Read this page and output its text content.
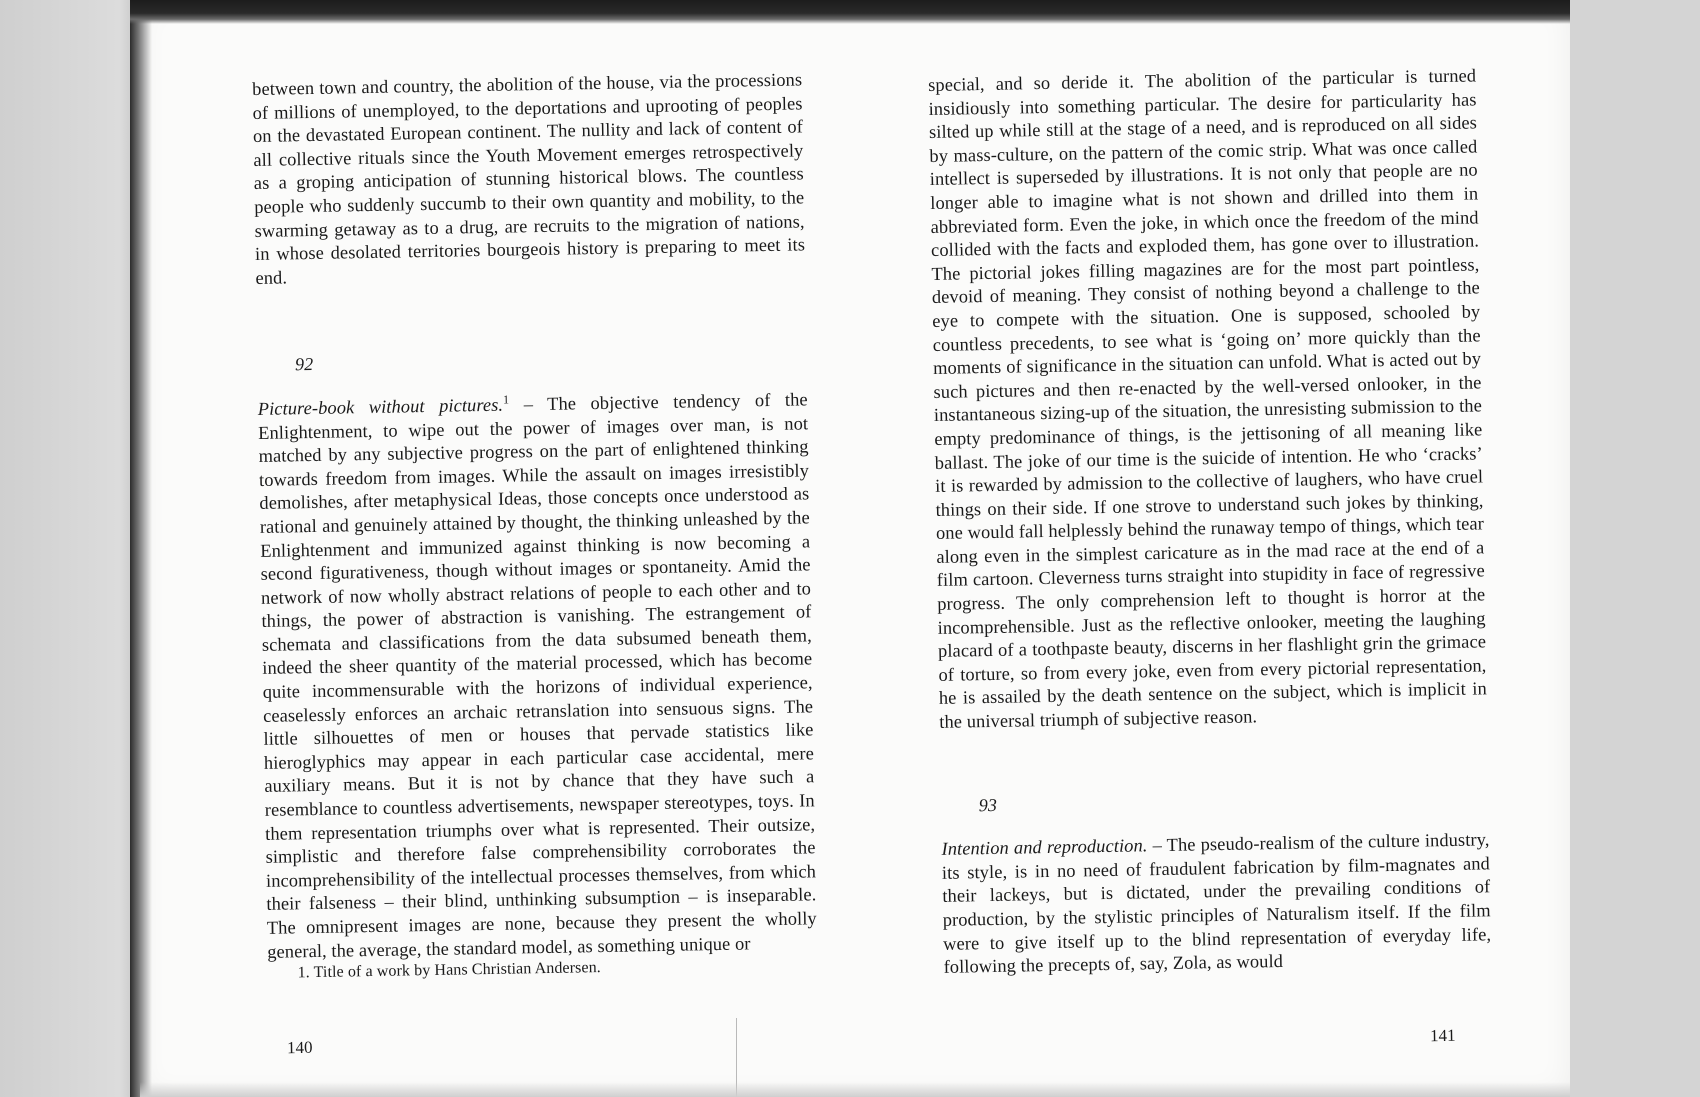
between town and country, the abolition of the house, via the processions of millions of unemployed, to the deportations and uprooting of peoples on the devastated European continent. The nullity and lack of content of all collective rituals since the Youth Movement emerges retrospectively as a groping anticipation of stunning historical blows. The countless people who suddenly succumb to their own quantity and mobility, to the swarming getaway as to a drug, are recruits to the migration of nations, in whose desolated territories bourgeois history is preparing to meet its end.

92

Picture-book without pictures.$^1$ – The objective tendency of the Enlightenment, to wipe out the power of images over man, is not matched by any subjective progress on the part of enlightened thinking towards freedom from images. While the assault on images irresistibly demolishes, after metaphysical Ideas, those concepts once understood as rational and genuinely attained by thought, the thinking unleashed by the Enlightenment and immunized against thinking is now becoming a second figurativeness, though without images or spontaneity. Amid the network of now wholly abstract relations of people to each other and to things, the power of abstraction is vanishing. The estrangement of schemata and classifications from the data subsumed beneath them, indeed the sheer quantity of the material processed, which has become quite incommensurable with the horizons of individual experience, ceaselessly enforces an archaic retranslation into sensuous signs. The little silhouettes of men or houses that pervade statistics like hieroglyphics may appear in each particular case accidental, mere auxiliary means. But it is not by chance that they have such a resemblance to countless advertisements, newspaper stereotypes, toys. In them representation triumphs over what is represented. Their outsize, simplistic and therefore false comprehensibility corroborates the incomprehensibility of the intellectual processes themselves, from which their falseness – their blind, unthinking subsumption – is inseparable. The omnipresent images are none, because they present the wholly general, the average, the standard model, as something unique or

1. Title of a work by Hans Christian Andersen.

140

special, and so deride it. The abolition of the particular is turned insidiously into something particular. The desire for particularity has silted up while still at the stage of a need, and is reproduced on all sides by mass-culture, on the pattern of the comic strip. What was once called intellect is superseded by illustrations. It is not only that people are no longer able to imagine what is not shown and drilled into them in abbreviated form. Even the joke, in which once the freedom of the mind collided with the facts and exploded them, has gone over to illustration. The pictorial jokes filling magazines are for the most part pointless, devoid of meaning. They consist of nothing beyond a challenge to the eye to compete with the situation. One is supposed, schooled by countless precedents, to see what is ‘going on’ more quickly than the moments of significance in the situation can unfold. What is acted out by such pictures and then re-enacted by the well-versed onlooker, in the instantaneous sizing-up of the situation, the unresisting submission to the empty predominance of things, is the jettisoning of all meaning like ballast. The joke of our time is the suicide of intention. He who ‘cracks’ it is rewarded by admission to the collective of laughers, who have cruel things on their side. If one strove to understand such jokes by thinking, one would fall helplessly behind the runaway tempo of things, which tear along even in the simplest caricature as in the mad race at the end of a film cartoon. Cleverness turns straight into stupidity in face of regressive progress. The only comprehension left to thought is horror at the incomprehensible. Just as the reflective onlooker, meeting the laughing placard of a toothpaste beauty, discerns in her flashlight grin the grimace of torture, so from every joke, even from every pictorial representation, he is assailed by the death sentence on the subject, which is implicit in the universal triumph of subjective reason.

93

Intention and reproduction. – The pseudo-realism of the culture industry, its style, is in no need of fraudulent fabrication by film-magnates and their lackeys, but is dictated, under the prevailing conditions of production, by the stylistic principles of Naturalism itself. If the film were to give itself up to the blind representation of everyday life, following the precepts of, say, Zola, as would

141
